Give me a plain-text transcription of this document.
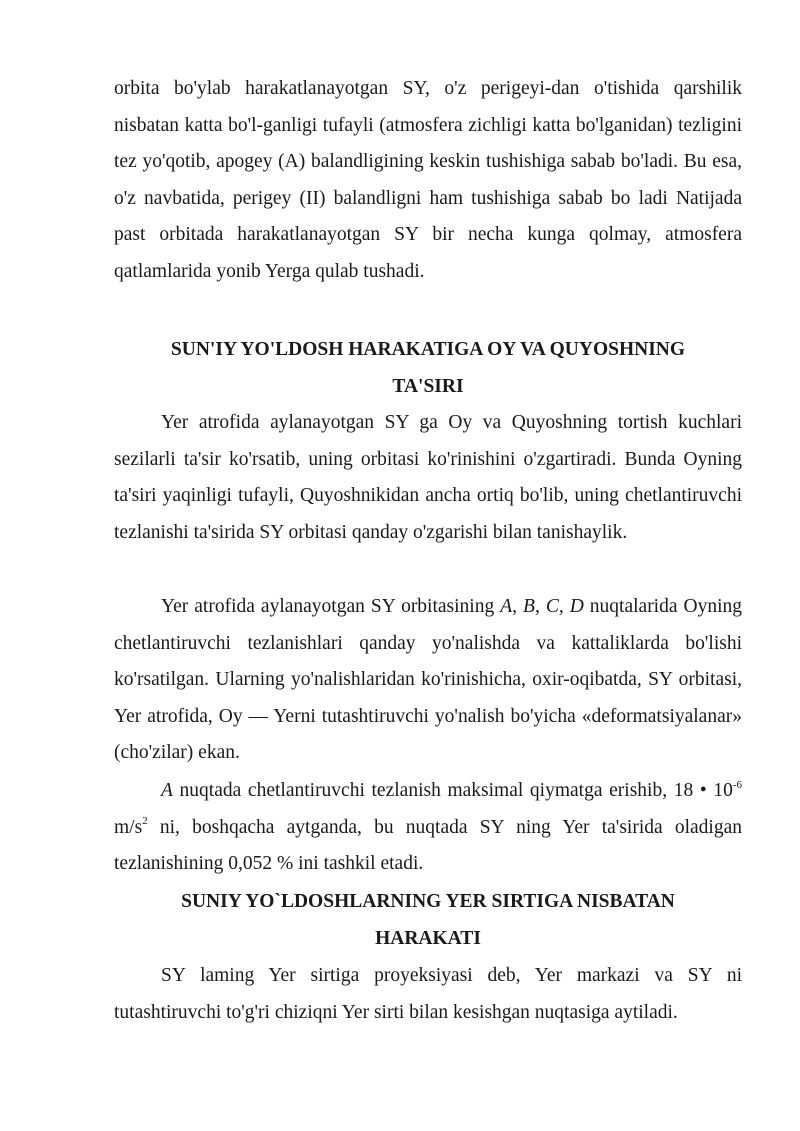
orbita bo'ylab harakatlanayotgan SY, o'z perigeyi-dan o'tishida qarshilik nisbatan katta bo'l-ganligi tufayli (atmosfera zichligi katta bo'lganidan) tezligini tez yo'qotib, apogey (A) balandligining keskin tushishiga sabab bo'ladi. Bu esa, o'z navbatida, perigey (II) balandligni ham tushishiga sabab bo ladi Natijada past orbitada harakatlanayotgan SY bir necha kunga qolmay, atmosfera qatlamlarida yonib Yerga qulab tushadi.

SUN'IY YO'LDOSH HARAKATIGA OY VA QUYOSHNING
TA'SIRI

Yer atrofida aylanayotgan SY ga Oy va Quyoshning tortish kuchlari sezilarli ta'sir ko'rsatib, uning orbitasi ko'rinishini o'zgartiradi. Bunda Oyning ta'siri yaqinligi tufayli, Quyoshnikidan ancha ortiq bo'lib, uning chetlantiruvchi tezlanishi ta'sirida SY orbitasi qanday o'zgarishi bilan tanishaylik.

Yer atrofida aylanayotgan SY orbitasining A, B, C, D nuqtalarida Oyning chetlantiruvchi tezlanishlari qanday yo'nalishda va kattaliklarda bo'lishi ko'rsatilgan. Ularning yo'nalishlaridan ko'rinishicha, oxir-oqibatda, SY orbitasi, Yer atrofida, Oy — Yerni tutashtiruvchi yo'nalish bo'yicha «deformatsiyalanar» (cho'zilar) ekan.

A nuqtada chetlantiruvchi tezlanish maksimal qiymatga erishib, 18 • $10^{-6}$ $m/s^2$ ni, boshqacha aytganda, bu nuqtada SY ning Yer ta'sirida oladigan tezlanishining 0,052 % ini tashkil etadi.

SUNIY YO`LDOSHLARNING YER SIRTIGA NISBATAN
HARAKATI

SY laming Yer sirtiga proyeksiyasi deb, Yer markazi va SY ni tutashtiruvchi to'g'ri chiziqni Yer sirti bilan kesishgan nuqtasiga aytiladi.
